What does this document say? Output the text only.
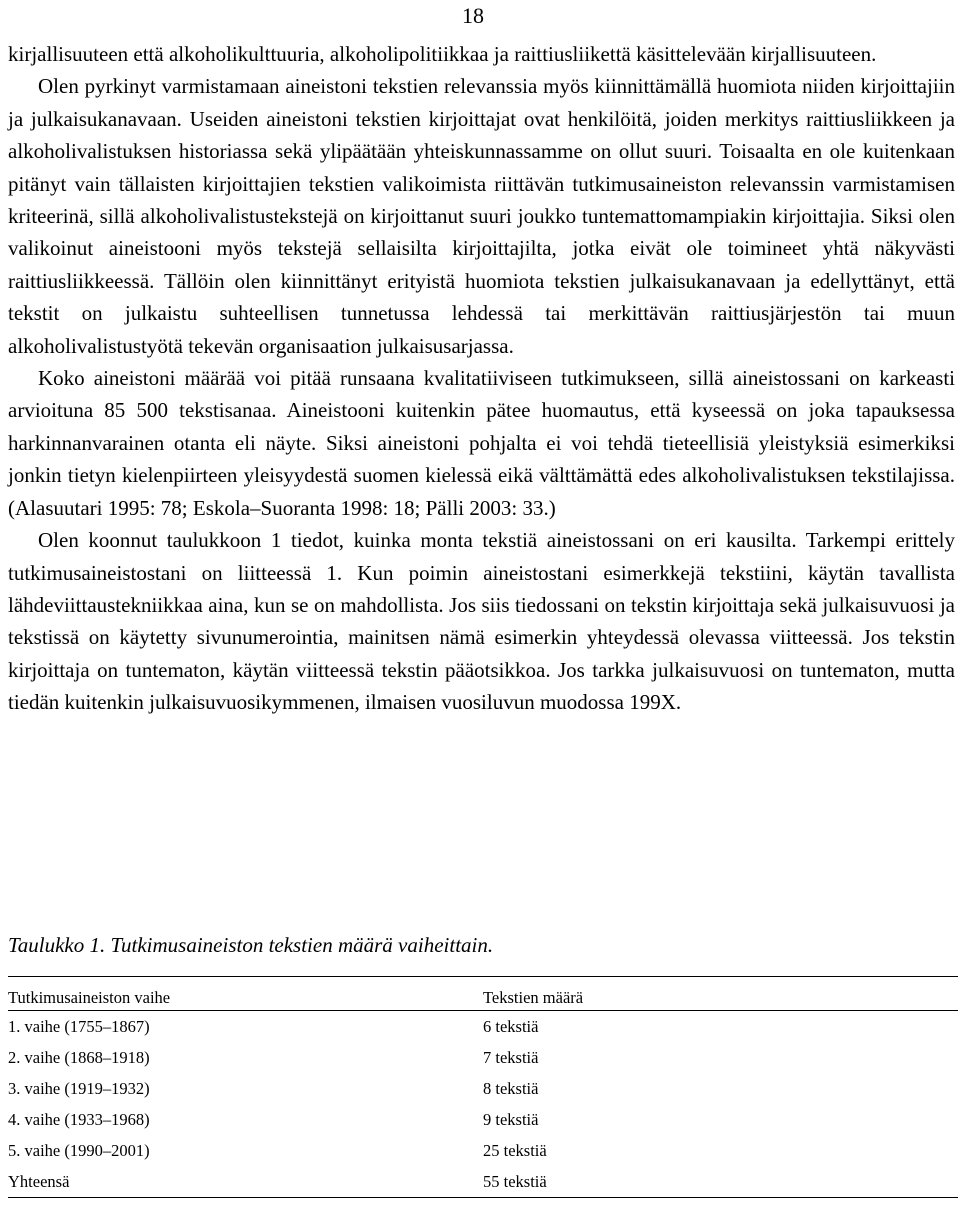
18

kirjallisuuteen että alkoholikulttuuria, alkoholipolitiikkaa ja raittiusliikettä käsittelevään kirjallisuuteen.

Olen pyrkinyt varmistamaan aineistoni tekstien relevanssia myös kiinnittämällä huomiota niiden kirjoittajiin ja julkaisukanavaan. Useiden aineistoni tekstien kirjoittajat ovat henkilöitä, joiden merkitys raittiusliikkeen ja alkoholivalistuksen historiassa sekä ylipäätään yhteiskunnassamme on ollut suuri. Toisaalta en ole kuitenkaan pitänyt vain tällaisten kirjoittajien tekstien valikoimista riittävän tutkimusaineiston relevanssin varmistamisen kriteerinä, sillä alkoholivalistustekstejä on kirjoittanut suuri joukko tuntemattomampiakin kirjoittajia. Siksi olen valikoinut aineistooni myös tekstejä sellaisilta kirjoittajilta, jotka eivät ole toimineet yhtä näkyvästi raittiusliikkeessä. Tällöin olen kiinnittänyt erityistä huomiota tekstien julkaisukanavaan ja edellyttänyt, että tekstit on julkaistu suhteellisen tunnetussa lehdessä tai merkittävän raittiusjärjestön tai muun alkoholivalistustyötä tekevän organisaation julkaisusarjassa.

Koko aineistoni määrää voi pitää runsaana kvalitatiiviseen tutkimukseen, sillä aineistossani on karkeasti arvioituna 85 500 tekstisanaa. Aineistooni kuitenkin pätee huomautus, että kyseessä on joka tapauksessa harkinnanvarainen otanta eli näyte. Siksi aineistoni pohjalta ei voi tehdä tieteellisiä yleistyksiä esimerkiksi jonkin tietyn kielenpiirteen yleisyydestä suomen kielessä eikä välttämättä edes alkoholivalistuksen tekstilajissa. (Alasuutari 1995: 78; Eskola–Suoranta 1998: 18; Pälli 2003: 33.)

Olen koonnut taulukkoon 1 tiedot, kuinka monta tekstiä aineistossani on eri kausilta. Tarkempi erittely tutkimusaineistostani on liitteessä 1. Kun poimin aineistostani esimerkkejä tekstiini, käytän tavallista lähdeviittaustekniikkaa aina, kun se on mahdollista. Jos siis tiedossani on tekstin kirjoittaja sekä julkaisuvuosi ja tekstissä on käytetty sivunumerointia, mainitsen nämä esimerkin yhteydessä olevassa viitteessä. Jos tekstin kirjoittaja on tuntematon, käytän viitteessä tekstin pääotsikkoa. Jos tarkka julkaisuvuosi on tuntematon, mutta tiedän kuitenkin julkaisuvuosikymmenen, ilmaisen vuosiluvun muodossa 199X.

Taulukko 1. Tutkimusaineiston tekstien määrä vaiheittain.
Tutkimusaineiston vaihe	Tekstien määrä
1. vaihe (1755–1867)	6 tekstiä
2. vaihe (1868–1918)	7 tekstiä
3. vaihe (1919–1932)	8 tekstiä
4. vaihe (1933–1968)	9 tekstiä
5. vaihe (1990–2001)	25 tekstiä
Yhteensä	55 tekstiä
